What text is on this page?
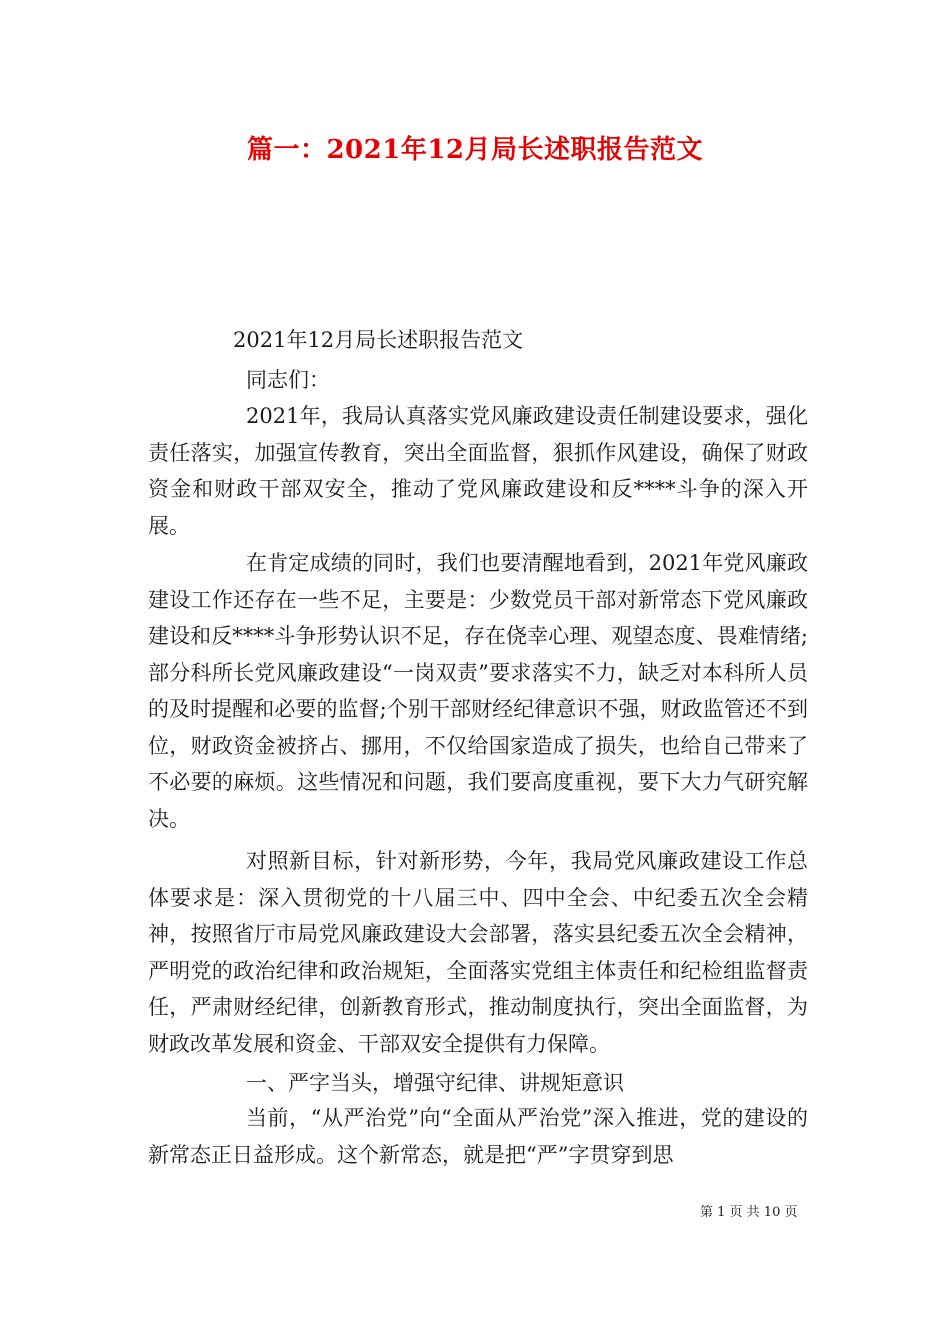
篇一：2021年12月局长述职报告范文

2021年12月局长述职报告范文

同志们：

2021年，我局认真落实党风廉政建设责任制建设要求，强化责任落实，加强宣传教育，突出全面监督，狠抓作风建设，确保了财政资金和财政干部双安全，推动了党风廉政建设和反****斗争的深入开展。

在肯定成绩的同时，我们也要清醒地看到，2021年党风廉政建设工作还存在一些不足，主要是：少数党员干部对新常态下党风廉政建设和反****斗争形势认识不足，存在侥幸心理、观望态度、畏难情绪;部分科所长党风廉政建设“一岗双责”要求落实不力，缺乏对本科所人员的及时提醒和必要的监督;个别干部财经纪律意识不强，财政监管还不到位，财政资金被挤占、挪用，不仅给国家造成了损失，也给自己带来了不必要的麻烦。这些情况和问题，我们要高度重视，要下大力气研究解决。

对照新目标，针对新形势，今年，我局党风廉政建设工作总体要求是：深入贯彻党的十八届三中、四中全会、中纪委五次全会精神，按照省厅市局党风廉政建设大会部署，落实县纪委五次全会精神，严明党的政治纪律和政治规矩，全面落实党组主体责任和纪检组监督责任，严肃财经纪律，创新教育形式，推动制度执行，突出全面监督，为财政改革发展和资金、干部双安全提供有力保障。

一、严字当头，增强守纪律、讲规矩意识

当前，“从严治党”向“全面从严治党”深入推进，党的建设的新常态正日益形成。这个新常态，就是把“严”字贯穿到思

第 1 页 共 10 页
